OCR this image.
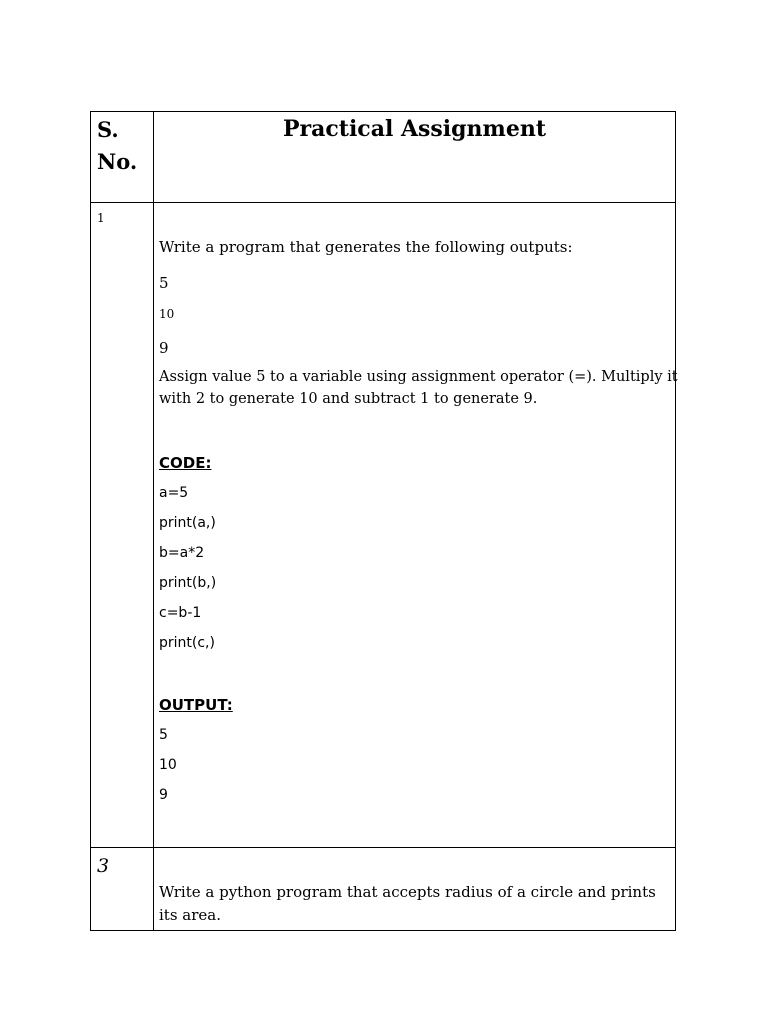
S.

No.

Practical Assignment

1

Write a program that generates the following outputs:

5

10

9

Assign value 5 to a variable using assignment operator (=). Multiply it

with 2 to generate 10 and subtract 1 to generate 9.

CODE:

a=5

print(a,)

b=a*2

print(b,)

c=b-1

print(c,)

OUTPUT:

5

10

9

3

Write a python program that accepts radius of a circle and prints

its area.
